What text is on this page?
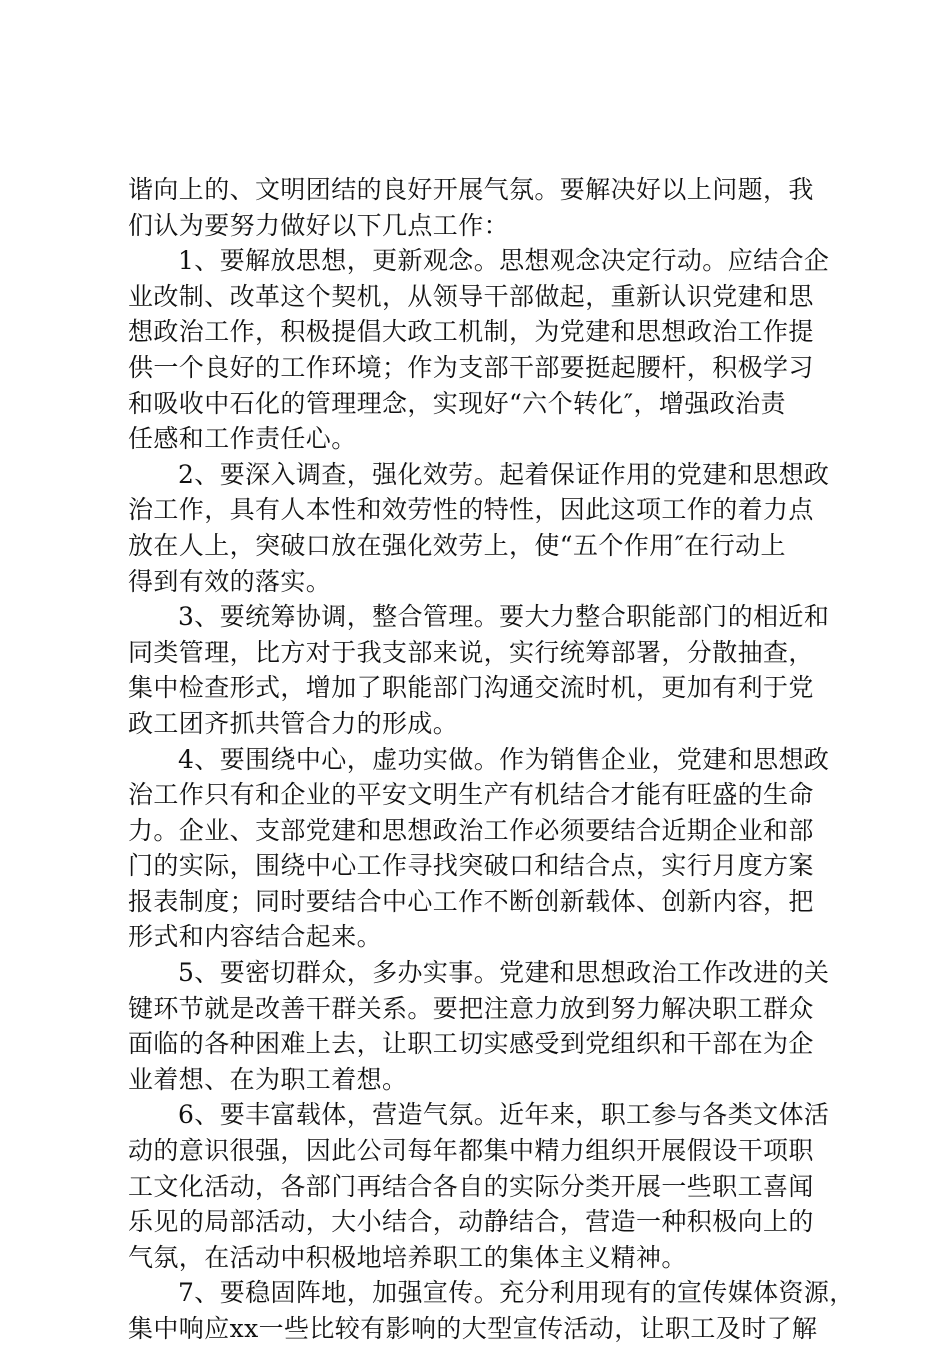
谐向上的、文明团结的良好开展气氛。要解决好以上问题，我
们认为要努力做好以下几点工作：
1、要解放思想，更新观念。思想观念决定行动。应结合企
业改制、改革这个契机，从领导干部做起，重新认识党建和思
想政治工作，积极提倡大政工机制，为党建和思想政治工作提
供一个良好的工作环境；作为支部干部要挺起腰杆，积极学习
和吸收中石化的管理理念，实现好“六个转化″，增强政治责
任感和工作责任心。
2、要深入调查，强化效劳。起着保证作用的党建和思想政
治工作，具有人本性和效劳性的特性，因此这项工作的着力点
放在人上，突破口放在强化效劳上，使“五个作用″在行动上
得到有效的落实。
3、要统筹协调，整合管理。要大力整合职能部门的相近和
同类管理，比方对于我支部来说，实行统筹部署，分散抽查，
集中检查形式，增加了职能部门沟通交流时机，更加有利于党
政工团齐抓共管合力的形成。
4、要围绕中心，虚功实做。作为销售企业，党建和思想政
治工作只有和企业的平安文明生产有机结合才能有旺盛的生命
力。企业、支部党建和思想政治工作必须要结合近期企业和部
门的实际，围绕中心工作寻找突破口和结合点，实行月度方案
报表制度；同时要结合中心工作不断创新载体、创新内容，把
形式和内容结合起来。
5、要密切群众，多办实事。党建和思想政治工作改进的关
键环节就是改善干群关系。要把注意力放到努力解决职工群众
面临的各种困难上去，让职工切实感受到党组织和干部在为企
业着想、在为职工着想。
6、要丰富载体，营造气氛。近年来，职工参与各类文体活
动的意识很强，因此公司每年都集中精力组织开展假设干项职
工文化活动，各部门再结合各自的实际分类开展一些职工喜闻
乐见的局部活动，大小结合，动静结合，营造一种积极向上的
气氛，在活动中积极地培养职工的集体主义精神。
7、要稳固阵地，加强宣传。充分利用现有的宣传媒体资源，
集中响应xx一些比较有影响的大型宣传活动，让职工及时了解
